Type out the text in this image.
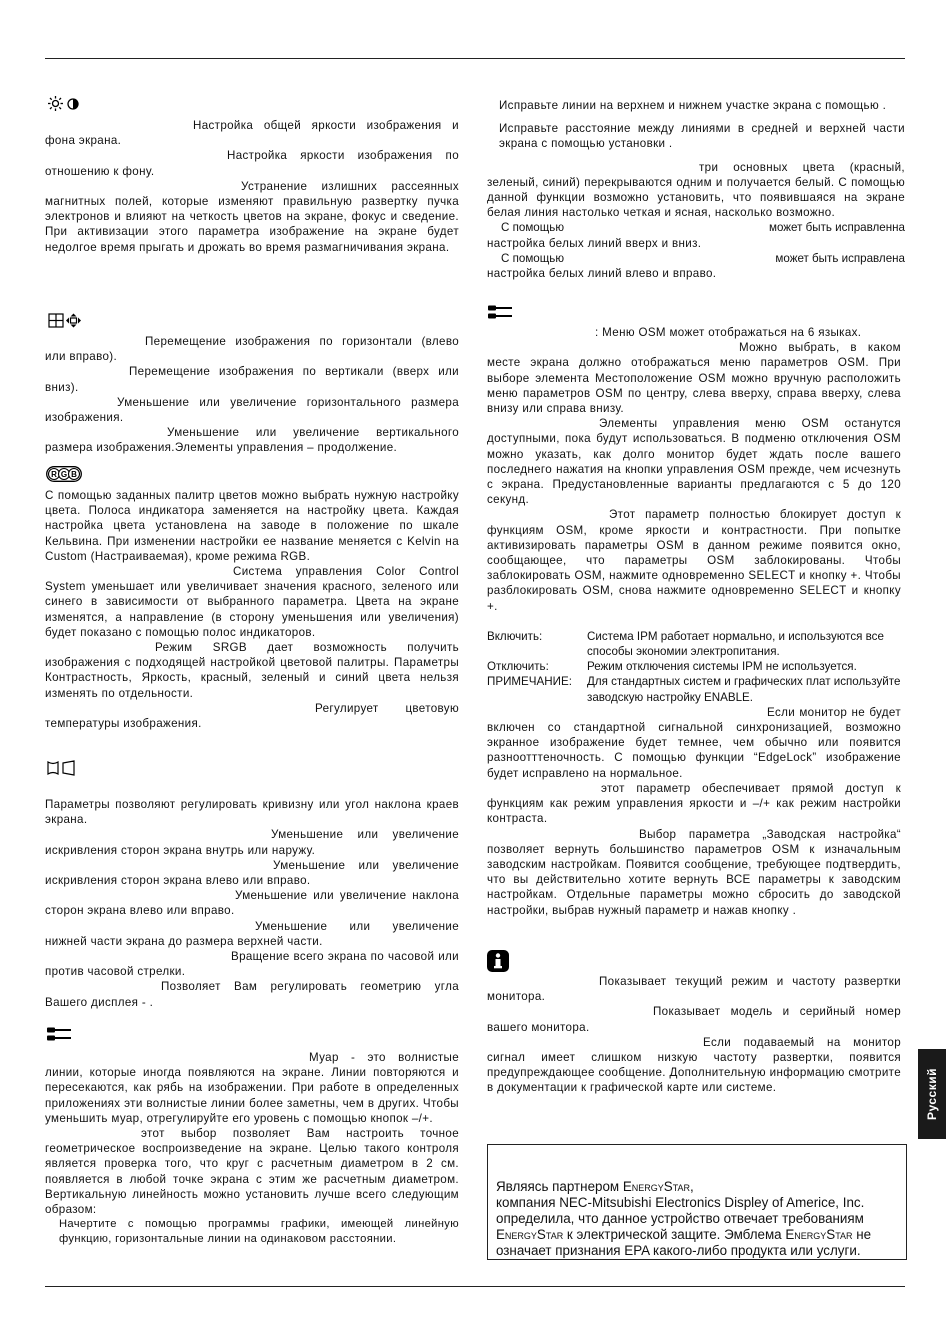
Настройка общей яркости изображения и фона экрана.

Настройка яркости изображения по отношению к фону.

Устранение излишних рассеянных магнитных полей, которые изменяют правильную развертку пучка электронов и влияют на четкость цветов на экране, фокус и сведение. При активизации этого параметра изображение на экране будет недолгое время прыгать и дрожать во время размагничивания экрана.

Перемещение изображения по горизонтали (влево или вправо).

Перемещение изображения по вертикали (вверх или вниз).

Уменьшение или увеличение горизонтального размера изображения.

Уменьшение или увеличение вертикального размера изображения.Элементы управления – продолжение.

R G B

С помощью заданных палитр цветов можно выбрать нужную настройку цвета. Полоса индикатора заменяется на настройку цвета. Каждая настройка цвета установлена на заводе в положение по шкале Кельвина. При изменении настройки ее название меняется с Kelvin на Custom (Настраиваемая), кроме режима RGB.

Система управления Color Control System уменьшает или увеличивает значения красного, зеленого или синего в зависимости от выбранного параметра. Цвета на экране изменятся, а направление (в сторону уменьшения или увеличения) будет показано с помощью полос индикаторов.

Режим SRGB дает возможность получить изображения с подходящей настройкой цветовой палитры. Параметры Контрастность, Яркость, красный, зеленый и синий цвета нельзя изменять по отдельности.

Регулирует цветовую температуры изображения.

Параметры позволяют регулировать кривизну или угол наклона краев экрана.

Уменьшение или увеличение искривления сторон экрана внутрь или наружу.

Уменьшение или увеличение искривления сторон экрана влево или вправо.

Уменьшение или увеличение наклона сторон экрана влево или вправо.

Уменьшение или увеличение нижней части экрана до размера верхней части.

Вращение всего экрана по часовой или против часовой стрелки.

Позволяет Вам регулировать геометрию угла Вашего дисплея - .

Муар - это волнистые линии, которые иногда появляются на экране. Линии повторяются и пересекаются, как рябь на изображении. При работе в определенных приложениях эти волнистые линии более заметны, чем в других. Чтобы уменьшить муар, отрегулируйте его уровень с помощью кнопок –/+.

этот выбор позволяет Вам настроить точное геометрическое воспроизведение на экране. Целью такого контроля является проверка того, что круг с расчетным диаметром в 2 см. появляется в любой точке экрана с этим же расчетным диаметром. Вертикальную линейность можно установить лучше всего следующим образом:

Начертите с помощью программы графики, имеющей линейную функцию, горизонтальные линии на одинаковом расстоянии.

Исправьте линии на верхнем и нижнем участке экрана с помощью .

Исправьте расстояние между линиями в средней и верхней части экрана с помощью установки .

три основных цвета (красный, зеленый, синий) перекрываются одним и получается белый. С помощью данной функции возможно установить, что появившаяся на экране белая линия настолько четкая и ясная, насколько возможно.

С помощью	может быть исправленна

настройка белых линий вверх и вниз.

С помощью	может быть исправлена

настройка белых линий влево и вправо.

: Меню OSM может отображаться на 6 языках.

Можно выбрать, в каком месте экрана должно отображаться меню параметров OSM. При выборе элемента Местоположение OSM можно вручную расположить меню параметров OSM по центру, слева вверху, справа вверху, слева внизу или справа внизу.

Элементы управления меню OSM останутся доступными, пока будут использоваться. В подменю отключения OSM можно указать, как долго монитор будет ждать после вашего последнего нажатия на кнопки управления OSM прежде, чем исчезнуть с экрана. Предустановленные варианты предлагаются с 5 до 120 секунд.

Этот параметр полностью блокирует доступ к функциям OSM, кроме яркости и контрастности. При попытке активизировать параметры OSM в данном режиме появится окно, сообщающее, что параметры OSM заблокированы. Чтобы заблокировать OSM, нажмите одновременно SELECT и кнопку +. Чтобы разблокировать OSM, снова нажмите одновременно SELECT и кнопку +.

Включить:	Система IPM работает нормально, и используются все способы экономии электропитания.
Отключить:	Режим отключения системы IPM не используется.
ПРИМЕЧАНИЕ:	Для стандартных систем и графических плат используйте заводскую настройку ENABLE.

Если монитор не будет включен со стандартной сигнальной синхронизацией, возможно экранное изображение будет темнее, чем обычно или появится разноотттеночность. С помощью функции “EdgeLock” изображение будет исправлено на нормальное.

этот параметр обеспечивает прямой доступ к функциям как режим управления яркости и –/+ как режим настройки контраста.

Выбор параметра „Заводская настройка“ позволяет вернуть большинство параметров OSM к изначальным заводским настройкам. Появится сообщение, требующее подтвердить, что вы действительно хотите вернуть ВСЕ параметры к заводским настройкам. Отдельные параметры можно сбросить до заводской настройки, выбрав нужный параметр и нажав кнопку .

Показывает текущий режим и частоту развертки монитора.

Показывает модель и серийный номер вашего монитора.

Если подаваемый на монитор сигнал имеет слишком низкую частоту развертки, появится предупреждающее сообщение. Дополнительную информацию смотрите в документации к графической карте или системе.	Русский

Являясь партнером EnergyStar,

компания NEC-Mitsubishi Electronics Displey of Americe, Inc.

определила, что данное устройство отвечает требованиям

EnergyStar к электрической защите. Эмблема EnergyStar не

означает признания EPA какого-либо продукта или услуги.
